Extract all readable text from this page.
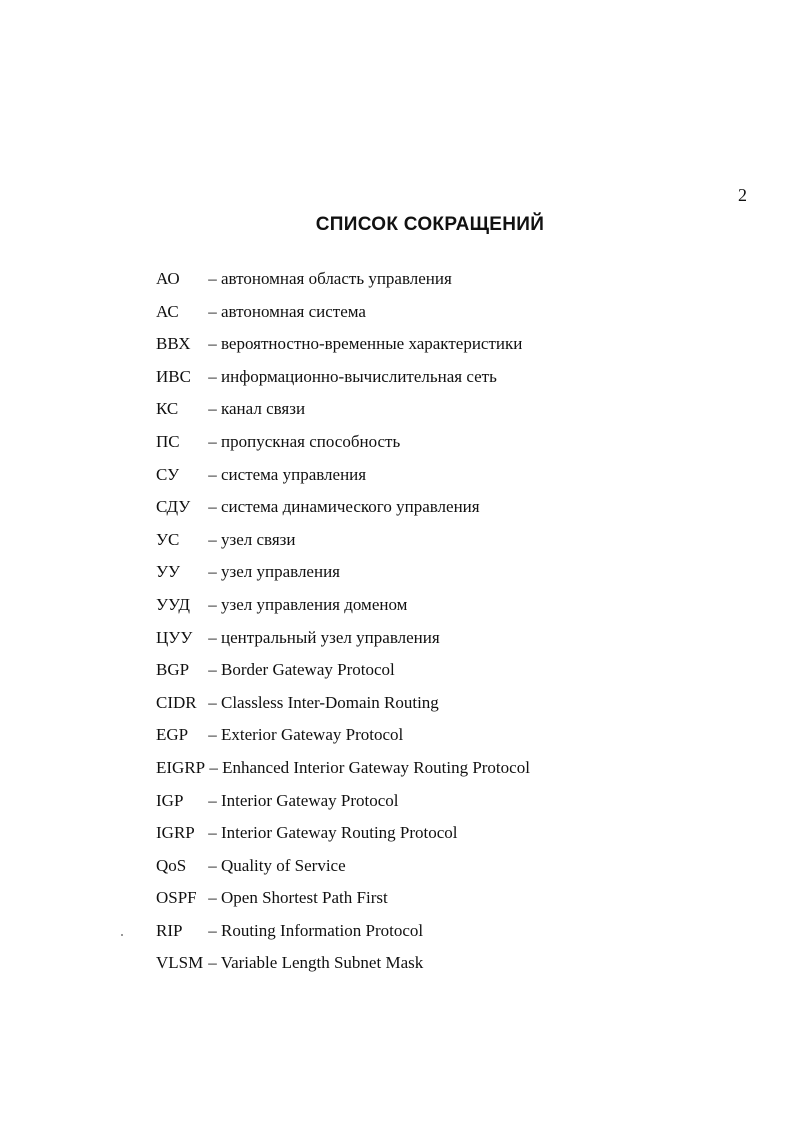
2
СПИСОК СОКРАЩЕНИЙ
АО – автономная область управления
АС – автономная система
ВВХ – вероятностно-временные характеристики
ИВС – информационно-вычислительная сеть
КС – канал связи
ПС – пропускная способность
СУ – система управления
СДУ – система динамического управления
УС – узел связи
УУ – узел управления
УУД – узел управления доменом
ЦУУ – центральный узел управления
BGP – Border Gateway Protocol
CIDR – Classless Inter-Domain Routing
EGP – Exterior Gateway Protocol
EIGRP – Enhanced Interior Gateway Routing Protocol
IGP – Interior Gateway Protocol
IGRP – Interior Gateway Routing Protocol
QoS – Quality of Service
OSPF – Open Shortest Path First
RIP – Routing Information Protocol
VLSM – Variable Length Subnet Mask
